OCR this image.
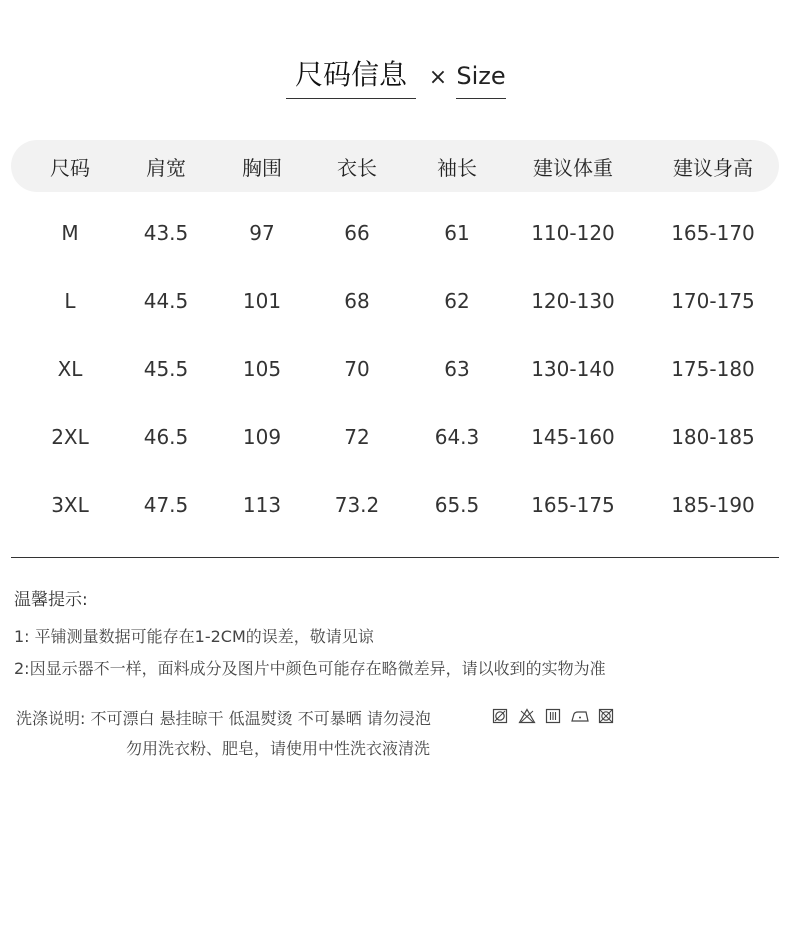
尺码信息 × Size
尺码	肩宽	胸围	衣长	袖长	建议体重	建议身高
M	43.5	97	66	61	110-120	165-170
L	44.5	101	68	62	120-130	170-175
XL	45.5	105	70	63	130-140	175-180
2XL	46.5	109	72	64.3	145-160	180-185
3XL	47.5	113	73.2	65.5	165-175	185-190
温馨提示:
1: 平铺测量数据可能存在1-2CM的误差，敬请见谅
2:因显示器不一样，面料成分及图片中颜色可能存在略微差异，请以收到的实物为准
洗涤说明: 不可漂白 悬挂晾干 低温熨烫 不可暴晒 请勿浸泡
勿用洗衣粉、肥皂，请使用中性洗衣液清洗
